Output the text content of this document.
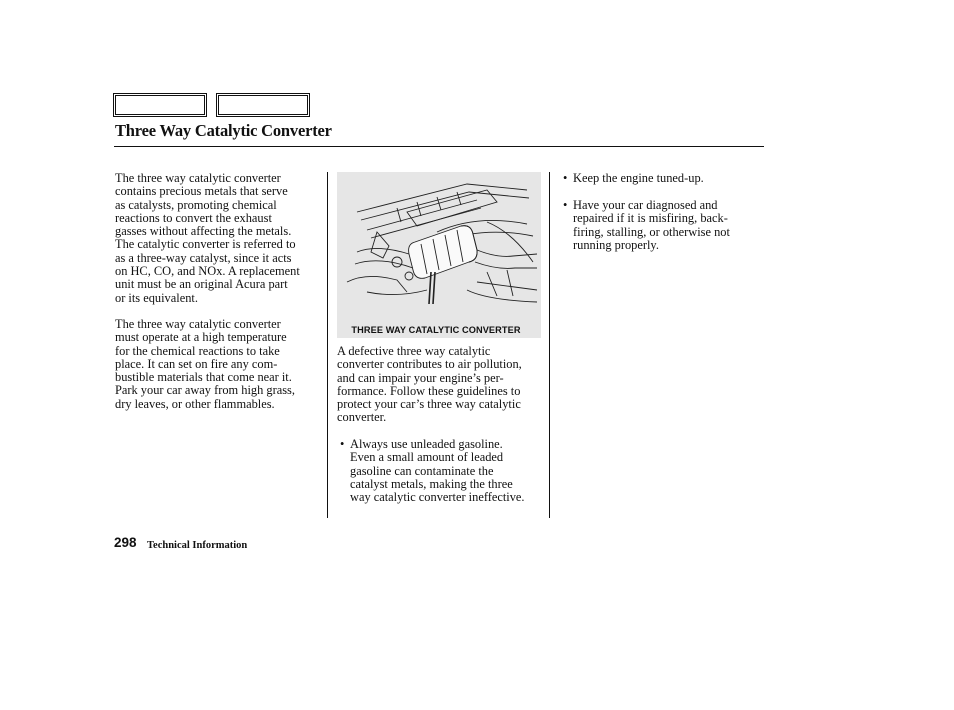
Three Way Catalytic Converter

The three way catalytic converter
contains precious metals that serve
as catalysts, promoting chemical
reactions to convert the exhaust
gasses without affecting the metals.
The catalytic converter is referred to
as a three-way catalyst, since it acts
on HC, CO, and NOx. A replacement
unit must be an original Acura part
or its equivalent.

The three way catalytic converter
must operate at a high temperature
for the chemical reactions to take
place. It can set on fire any com-
bustible materials that come near it.
Park your car away from high grass,
dry leaves, or other flammables.

THREE WAY CATALYTIC CONVERTER

A defective three way catalytic
converter contributes to air pollution,
and can impair your engine’s per-
formance. Follow these guidelines to
protect your car’s three way catalytic
converter.

• Always use unleaded gasoline.
Even a small amount of leaded
gasoline can contaminate the
catalyst metals, making the three
way catalytic converter ineffective.

• Keep the engine tuned-up.

• Have your car diagnosed and
repaired if it is misfiring, back-
firing, stalling, or otherwise not
running properly.

298 Technical Information
